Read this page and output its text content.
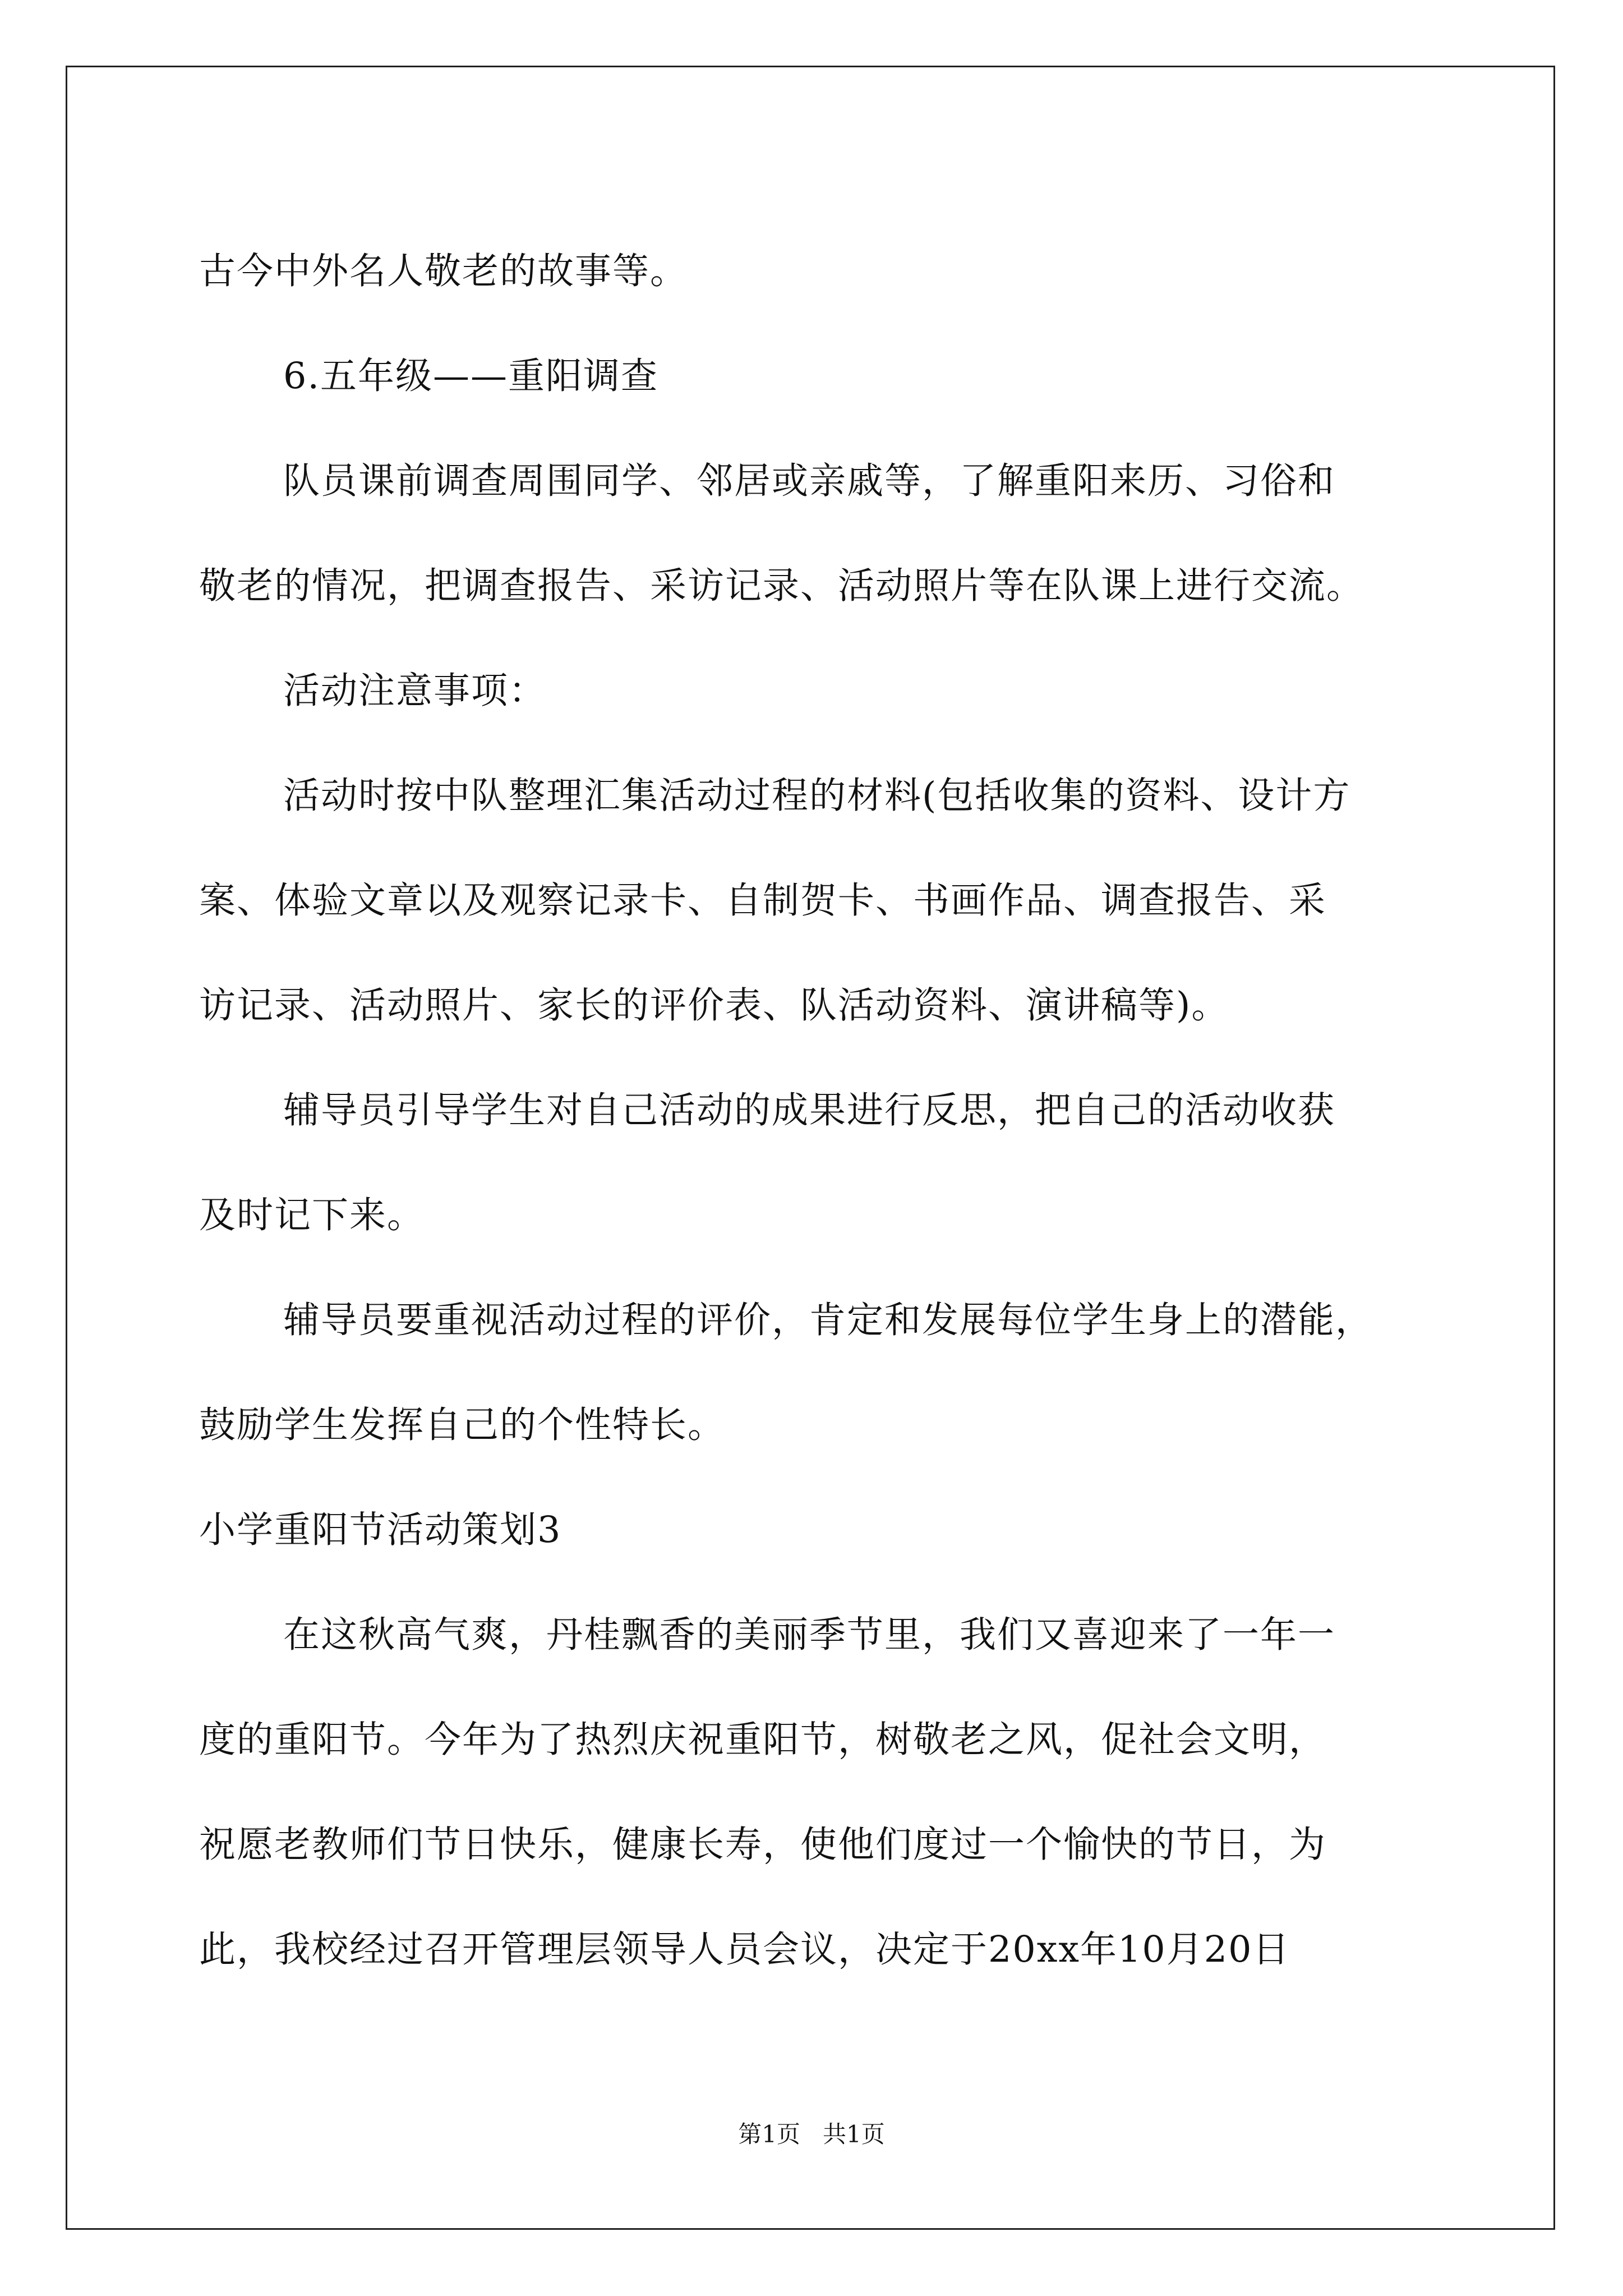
古今中外名人敬老的故事等。
6.五年级——重阳调查
队员课前调查周围同学、邻居或亲戚等，了解重阳来历、习俗和
敬老的情况，把调查报告、采访记录、活动照片等在队课上进行交流。
活动注意事项：
活动时按中队整理汇集活动过程的材料(包括收集的资料、设计方
案、体验文章以及观察记录卡、自制贺卡、书画作品、调查报告、采
访记录、活动照片、家长的评价表、队活动资料、演讲稿等)。
辅导员引导学生对自己活动的成果进行反思，把自己的活动收获
及时记下来。
辅导员要重视活动过程的评价，肯定和发展每位学生身上的潜能，
鼓励学生发挥自己的个性特长。
小学重阳节活动策划3
在这秋高气爽，丹桂飘香的美丽季节里，我们又喜迎来了一年一
度的重阳节。今年为了热烈庆祝重阳节，树敬老之风，促社会文明，
祝愿老教师们节日快乐，健康长寿，使他们度过一个愉快的节日，为
此，我校经过召开管理层领导人员会议，决定于20xx年10月20日
第1页 共1页
